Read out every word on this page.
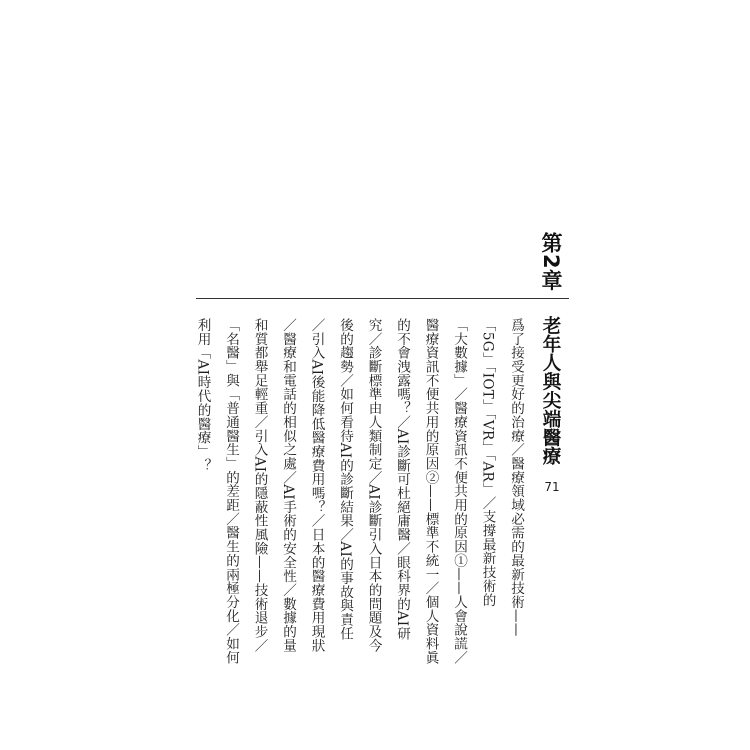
第2章
老年人與尖端醫療
71
爲了接受更好的治療／醫療領域必需的最新技術——
「5G」「IOT」「VR」「AR」／支撐最新技術的
「大數據」／醫療資訊不便共用的原因①——人會說謊／
醫療資訊不便共用的原因②——標準不統一／個人資料眞
的不會洩露嗎？／AI診斷可杜絕庸醫／眼科界的AI研
究／診斷標準由人類制定／AI診斷引入日本的問題及今
後的趨勢／如何看待AI的診斷結果／AI的事故與責任
／引入AI後能降低醫療費用嗎？／日本的醫療費用現狀
／醫療和電話的相似之處／AI手術的安全性／數據的量
和質都舉足輕重／引入AI的隱蔽性風險——技術退步／
「名醫」與「普通醫生」的差距／醫生的兩極分化／如何
利用「AI時代的醫療」？
